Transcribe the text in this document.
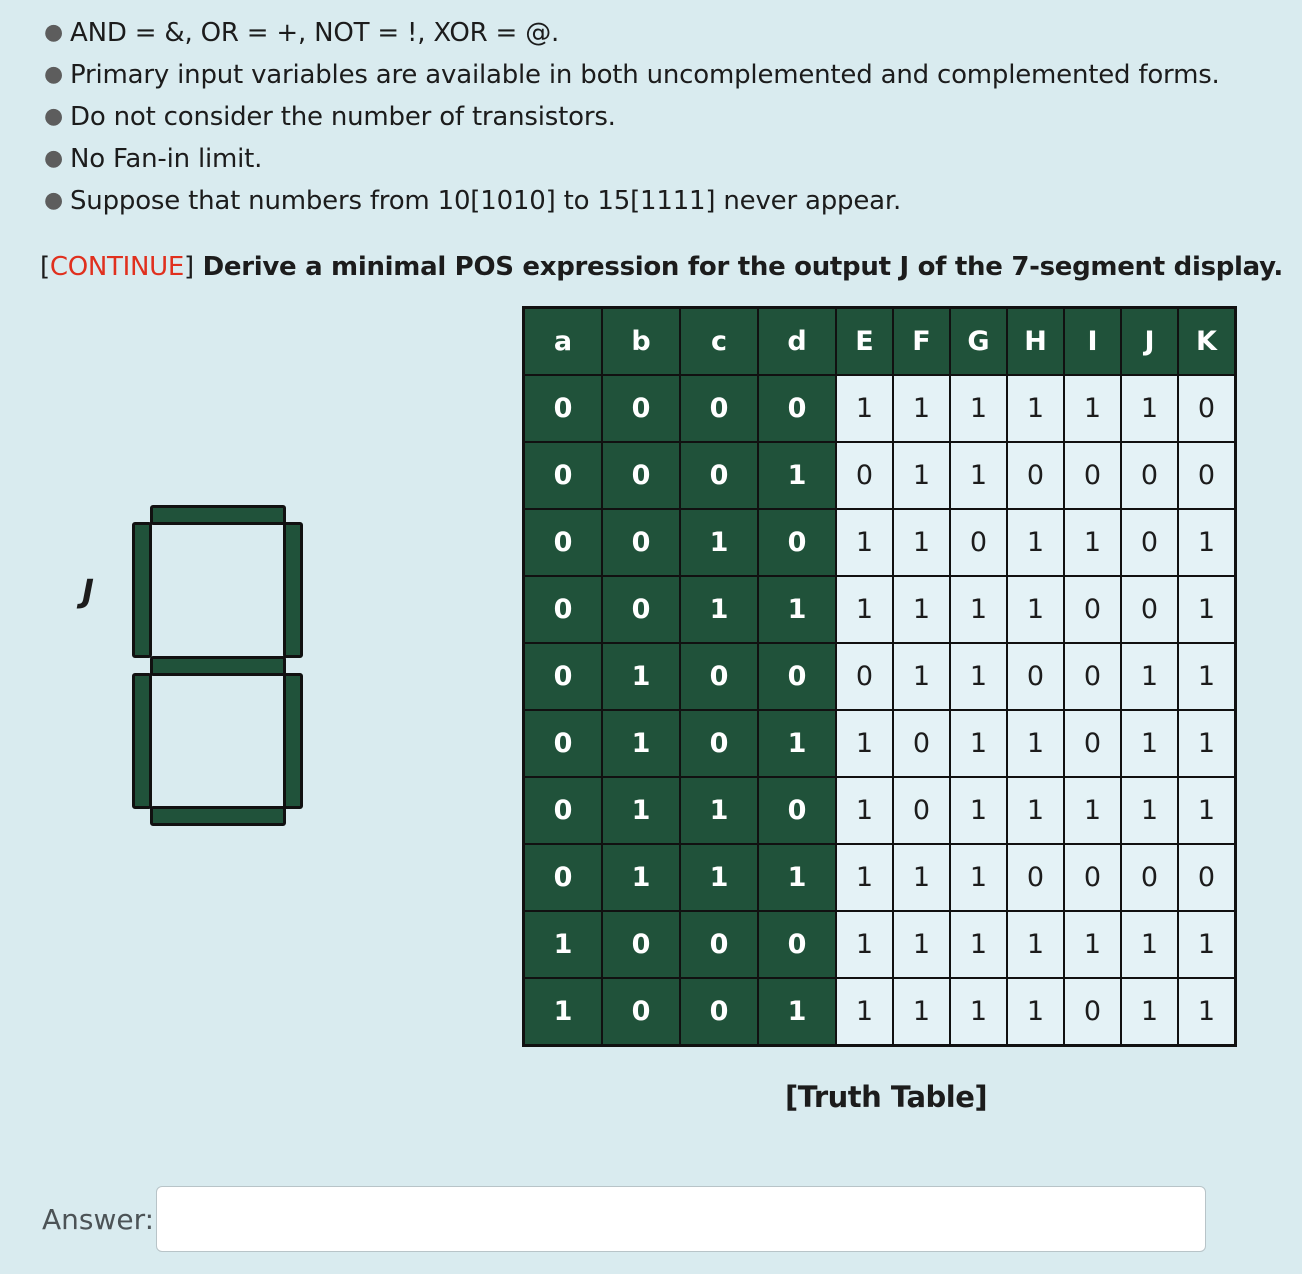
● AND = &, OR = +, NOT = !, XOR = @.
● Primary input variables are available in both uncomplemented and complemented forms.
● Do not consider the number of transistors.
● No Fan-in limit.
● Suppose that numbers from 10[1010] to 15[1111] never appear.
[CONTINUE] Derive a minimal POS expression for the output J of the 7-segment display.
J
a	b	c	d	E	F	G	H	I	J	K
0	0	0	0	1	1	1	1	1	1	0
0	0	0	1	0	1	1	0	0	0	0
0	0	1	0	1	1	0	1	1	0	1
0	0	1	1	1	1	1	1	0	0	1
0	1	0	0	0	1	1	0	0	1	1
0	1	0	1	1	0	1	1	0	1	1
0	1	1	0	1	0	1	1	1	1	1
0	1	1	1	1	1	1	0	0	0	0
1	0	0	0	1	1	1	1	1	1	1
1	0	0	1	1	1	1	1	0	1	1
[Truth Table]
Answer:
